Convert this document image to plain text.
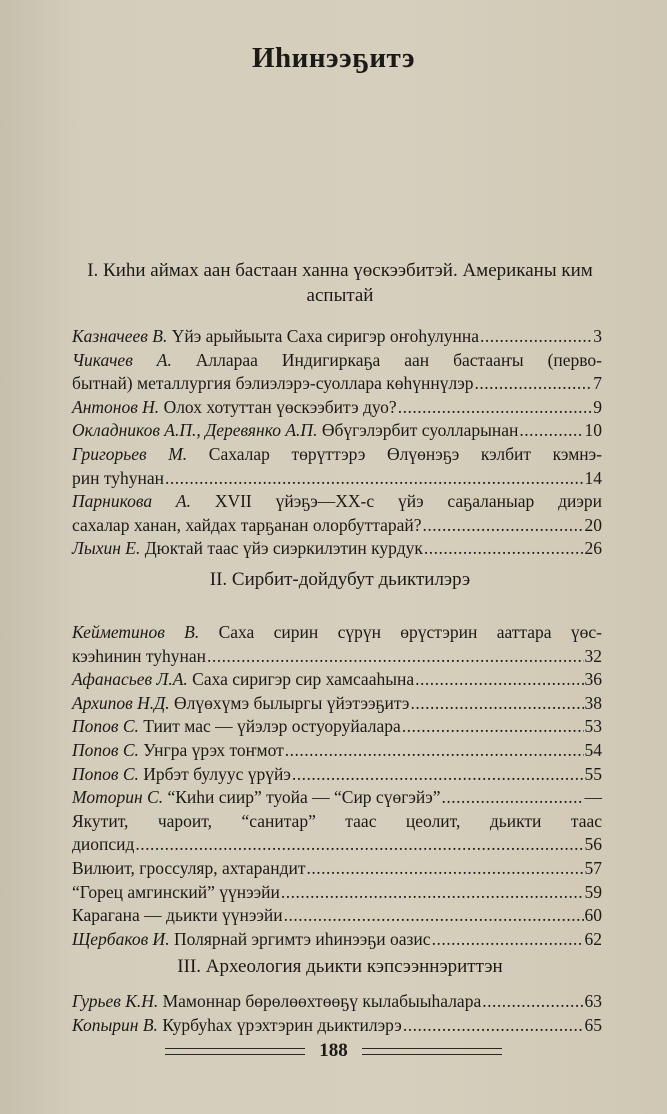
Иһинээҕитэ
I. Киһи аймах аан бастаан ханна үөскээбитэй. Американы ким
аспытай
Казначеев В.
Үйэ арыйыыта Саха сиригэр оҥоһулунна .....	3
Чикачев А. Алларaа Индигиркаҕа аан бастааҥы (перво-
бытнай) металлургия бэлиэлэрэ-суоллара көһүннүлэр .....	7
Антонов Н.
Олох хотуттан үөскээбитэ дуо? .....	9
Окладников А.П., Деревянко А.П.
Өбүгэлэрбит суолларынан .....	10
Григорьев М. Сахалар төрүттэрэ Өлүөнэҕэ кэлбит кэмнэ-
рин туһунан .....	14
Парникова А. XVII үйэҕэ—XX-с үйэ саҕаланыар диэри
сахалар ханан, хайдах тарҕанан олорбуттарай? .....	20
Лыхин Е.
Дюктай таас үйэ сиэркилэтин курдук .....	26
II. Сирбит-дойдубут дьиктилэрэ
Кейметинов В. Саха сирин сүрүн өрүстэрин ааттара үөс-
кээһинин туһунан .....	32
Афанасьев Л.А.
Саха сиригэр сир хамсааһына .....	36
Архипов Н.Д.
Өлүөхүмэ былыргы үйэтээҕитэ .....	38
Попов С.
Тиит мас — үйэлэр остуоруйалара .....	53
Попов С.
Унгра үрэх тоҥмот .....	54
Попов С.
Ирбэт булуус үрүйэ .....	55
Моторин С.
“Киһи сиир” туойа — “Сир сүөгэйэ” .....	—
Якутит, чароит, “санитар” таас цеолит, дьикти таас
диопсид .....	56
Вилюит, гроссуляр, ахтарандит .....	57
“Горец амгинский” үүнээйи .....	59
Карагана — дьикти үүнээйи .....	60
Щербаков И.
Полярнай эргимтэ иһинээҕи оазис .....	62
III. Археология дьикти кэпсээннэриттэн
Гурьев К.Н.
Мамоннар бөрөлөөхтөөҕү кылабыыһалара .....	63
Копырин В.
Курбуһах үрэхтэрин дьиктилэрэ .....	65
188
